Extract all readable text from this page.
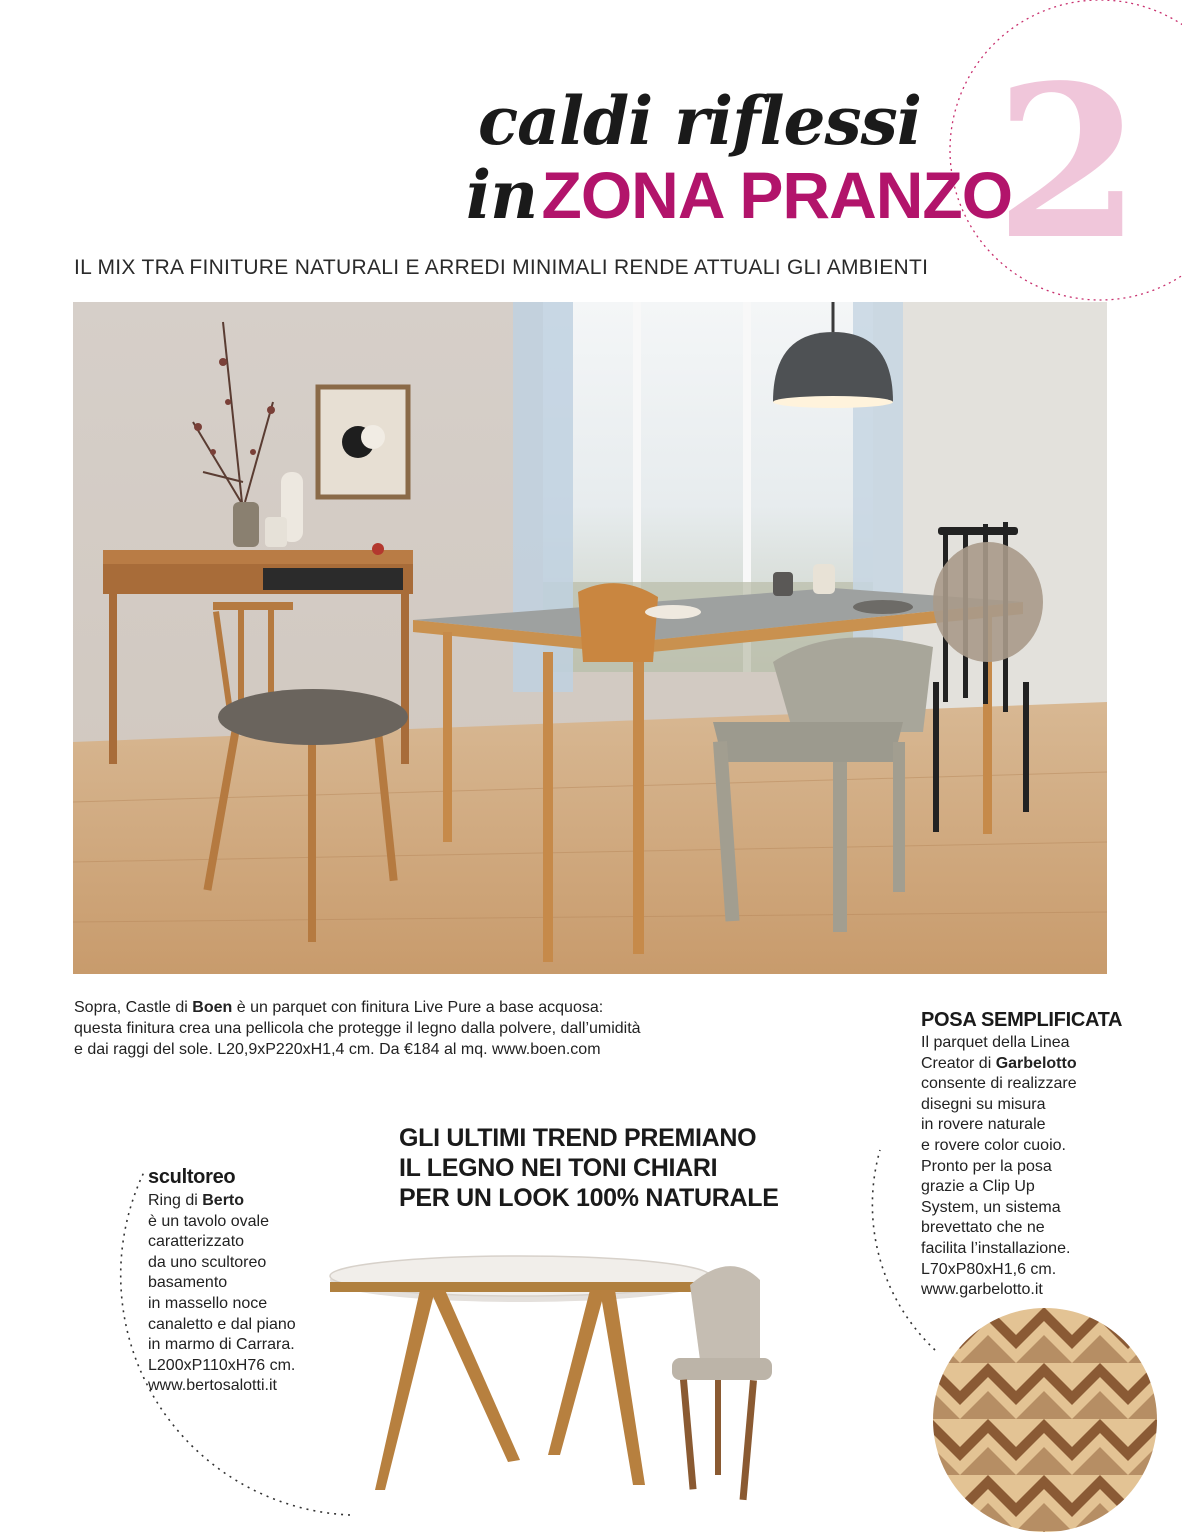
2
caldi riflessi
in ZONA PRANZO
IL MIX TRA FINITURE NATURALI E ARREDI MINIMALI RENDE ATTUALI GLI AMBIENTI
Sopra, Castle di Boen è un parquet con finitura Live Pure a base acquosa:
questa finitura crea una pellicola che protegge il legno dalla polvere, dall’umidità
e dai raggi del sole. L20,9xP220xH1,4 cm. Da €184 al mq. www.boen.com
POSA SEMPLIFICATA
Il parquet della Linea
Creator di Garbelotto
consente di realizzare
disegni su misura
in rovere naturale
e rovere color cuoio.
Pronto per la posa
grazie a Clip Up
System, un sistema
brevettato che ne
facilita l’installazione.
L70xP80xH1,6 cm.
www.garbelotto.it
GLI ULTIMI TREND PREMIANO
IL LEGNO NEI TONI CHIARI
PER UN LOOK 100% NATURALE
scultoreo
Ring di Berto
è un tavolo ovale
caratterizzato
da uno scultoreo
basamento
in massello noce
canaletto e dal piano
in marmo di Carrara.
L200xP110xH76 cm.
www.bertosalotti.it
